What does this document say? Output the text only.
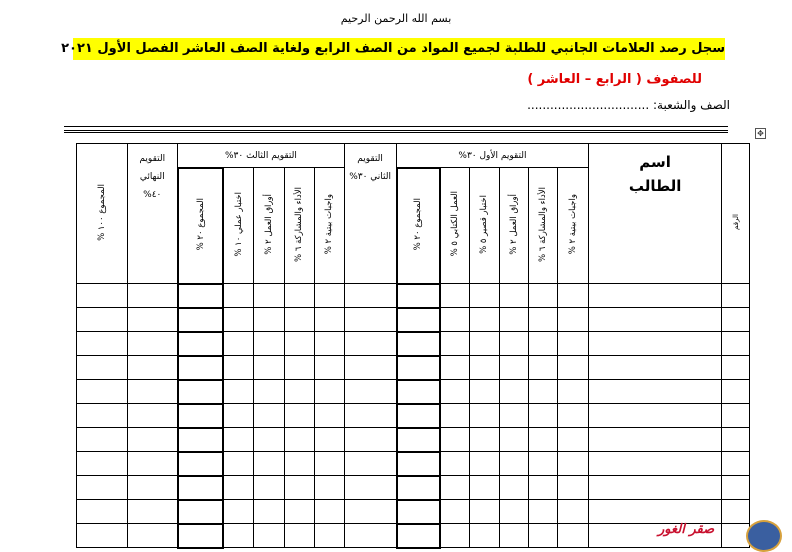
بسم الله الرحمن الرحيم
سجل رصد العلامات الجانبي للطلبة لجميع المواد من الصف الرابع ولغاية الصف العاشر الفصل الأول ٢٠٢١
للصفوف ( الرابع – العاشر )
الصف والشعبة: ................................
✥
المجموع ١٠٠ %	التقويم النهائي ٤٠%	التقويم الثالث ٣٠%					التقويم الثاني ٣٠%	التقويم الأول ٣٠%						اسم
الطالب	الرقم
		المجموع ٢٠ %	اختبار عملي ١٠ %	أوراق العمل ٢ %	الأداء والمشاركة ٦ %	واجبات بيتية ٢ %		المجموع ٢٠ %	العمل الكتابي ٥ %	اختبار قصير ٥ %	أوراق العمل ٢ %	الأداء والمشاركة ٦ %	واجبات بيتية ٢ %		

صقر الغور
